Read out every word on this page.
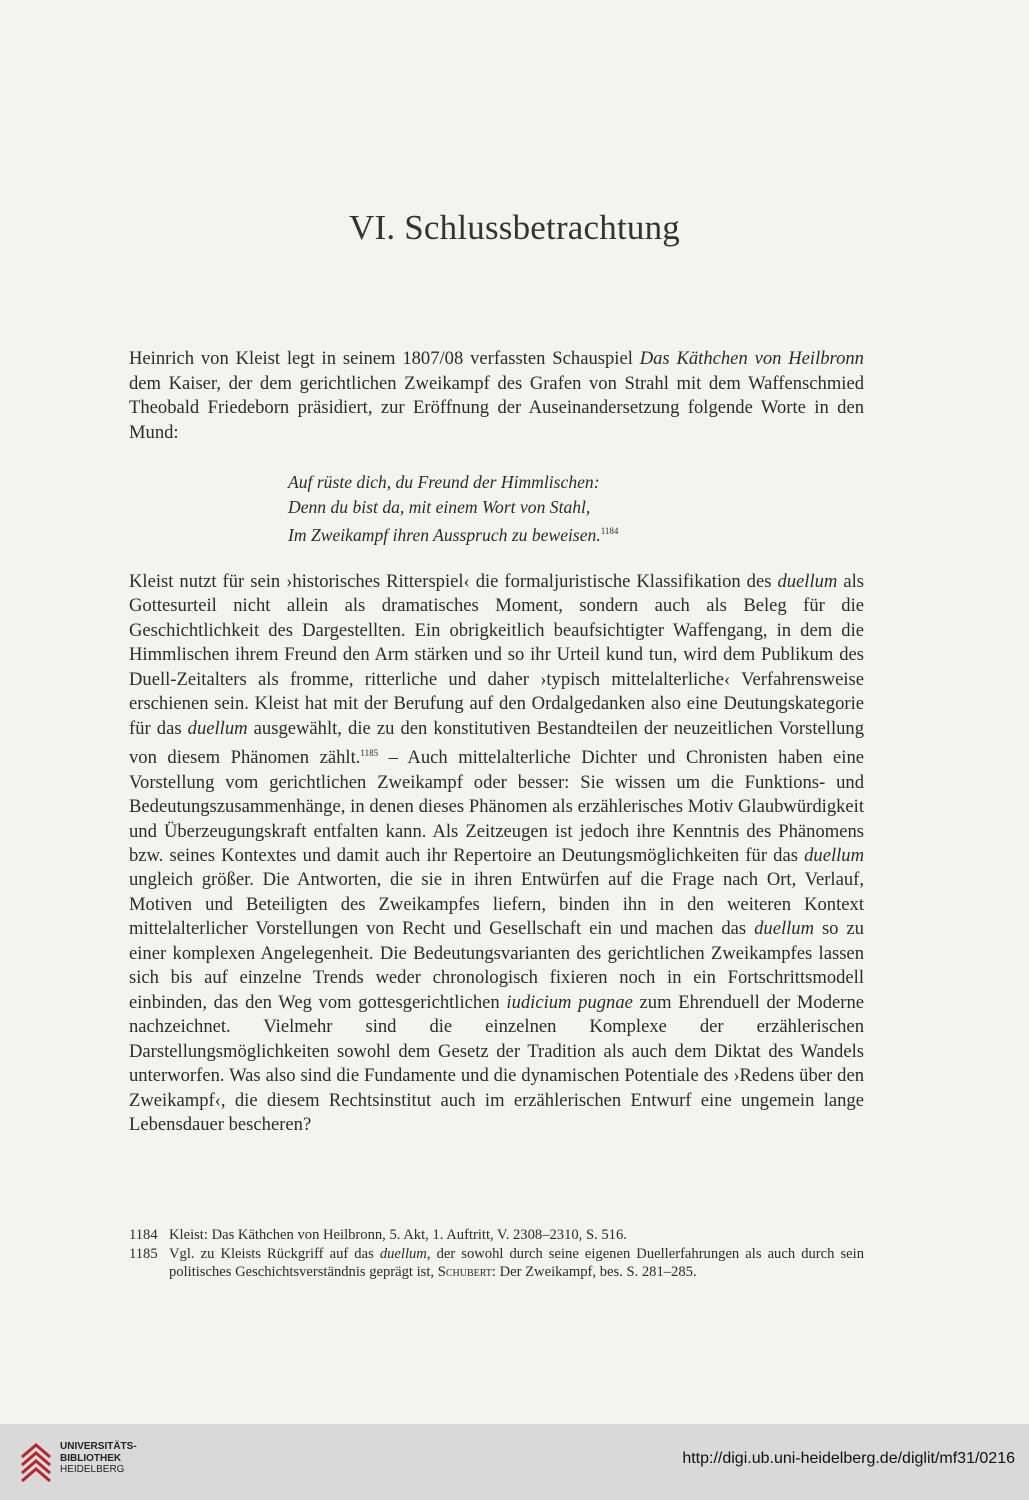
VI. Schlussbetrachtung

Heinrich von Kleist legt in seinem 1807/08 verfassten Schauspiel Das Käthchen von Heilbronn dem Kaiser, der dem gerichtlichen Zweikampf des Grafen von Strahl mit dem Waffenschmied Theobald Friedeborn präsidiert, zur Eröffnung der Auseinandersetzung folgende Worte in den Mund:

Auf rüste dich, du Freund der Himmlischen:
Denn du bist da, mit einem Wort von Stahl,
Im Zweikampf ihren Ausspruch zu beweisen.$^{1184}$

Kleist nutzt für sein ›historisches Ritterspiel‹ die formaljuristische Klassifikation des duellum als Gottesurteil nicht allein als dramatisches Moment, sondern auch als Beleg für die Geschichtlichkeit des Dargestellten. Ein obrigkeitlich beaufsichtigter Waffengang, in dem die Himmlischen ihrem Freund den Arm stärken und so ihr Urteil kund tun, wird dem Publikum des Duell-Zeitalters als fromme, ritterliche und daher ›typisch mittelalterliche‹ Verfahrensweise erschienen sein. Kleist hat mit der Berufung auf den Ordalgedanken also eine Deutungskategorie für das duellum ausgewählt, die zu den konstitutiven Bestandteilen der neuzeitlichen Vorstellung von diesem Phänomen zählt.$^{1185}$ – Auch mittelalterliche Dichter und Chronisten haben eine Vorstellung vom gerichtlichen Zweikampf oder besser: Sie wissen um die Funktions- und Bedeutungszusammenhänge, in denen dieses Phänomen als erzählerisches Motiv Glaubwürdigkeit und Überzeugungskraft entfalten kann. Als Zeitzeugen ist jedoch ihre Kenntnis des Phänomens bzw. seines Kontextes und damit auch ihr Repertoire an Deutungsmöglichkeiten für das duellum ungleich größer. Die Antworten, die sie in ihren Entwürfen auf die Frage nach Ort, Verlauf, Motiven und Beteiligten des Zweikampfes liefern, binden ihn in den weiteren Kontext mittelalterlicher Vorstellungen von Recht und Gesellschaft ein und machen das duellum so zu einer komplexen Angelegenheit. Die Bedeutungsvarianten des gerichtlichen Zweikampfes lassen sich bis auf einzelne Trends weder chronologisch fixieren noch in ein Fortschrittsmodell einbinden, das den Weg vom gottesgerichtlichen iudicium pugnae zum Ehrenduell der Moderne nachzeichnet. Vielmehr sind die einzelnen Komplexe der erzählerischen Darstellungsmöglichkeiten sowohl dem Gesetz der Tradition als auch dem Diktat des Wandels unterworfen. Was also sind die Fundamente und die dynamischen Potentiale des ›Redens über den Zweikampf‹, die diesem Rechtsinstitut auch im erzählerischen Entwurf eine ungemein lange Lebensdauer bescheren?

1184 Kleist: Das Käthchen von Heilbronn, 5. Akt, 1. Auftritt, V. 2308–2310, S. 516.
1185 Vgl. zu Kleists Rückgriff auf das duellum, der sowohl durch seine eigenen Duellerfahrungen als auch durch sein politisches Geschichtsverständnis geprägt ist, Schubert: Der Zweikampf, bes. S. 281–285.
UNIVERSITÄTS-
BIBLIOTHEK
HEIDELBERG
http://digi.ub.uni-heidelberg.de/diglit/mf31/0216
